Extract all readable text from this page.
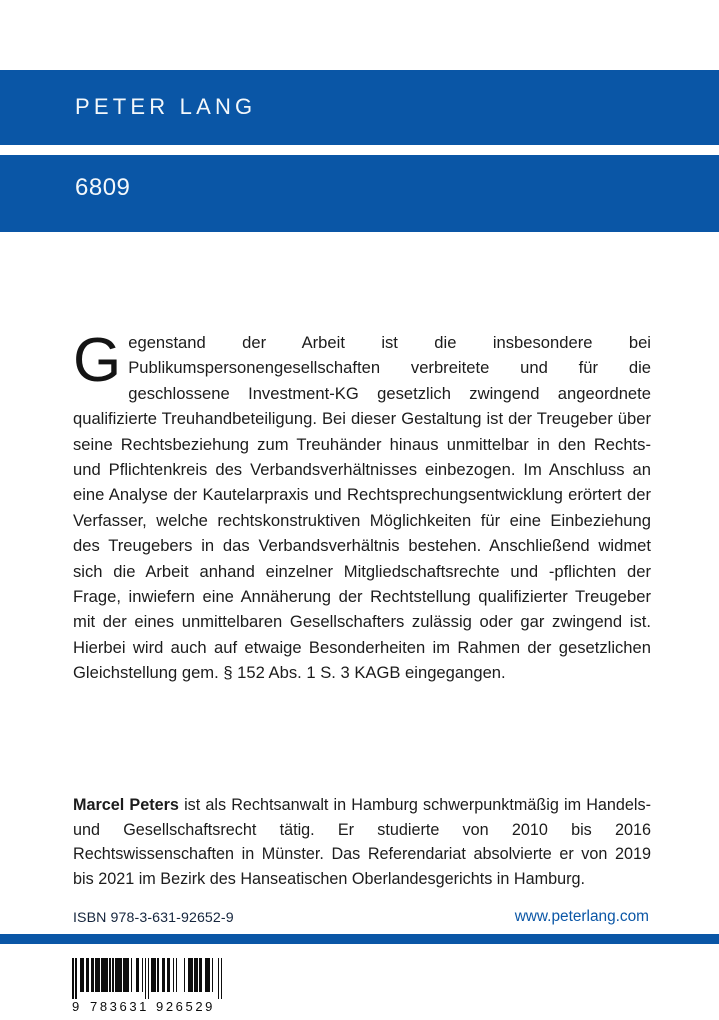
PETER LANG
6809
Gegenstand der Arbeit ist die insbesondere bei Publikumspersonengesellschaften verbreitete und für die geschlossene Investment-KG gesetzlich zwingend angeordnete qualifizierte Treuhandbeteiligung. Bei dieser Gestaltung ist der Treugeber über seine Rechtsbeziehung zum Treuhänder hinaus unmittelbar in den Rechts- und Pflichtenkreis des Verbandsverhältnisses einbezogen. Im Anschluss an eine Analyse der Kautelarpraxis und Rechtsprechungsentwicklung erörtert der Verfasser, welche rechtskonstruktiven Möglichkeiten für eine Einbeziehung des Treugebers in das Verbandsverhältnis bestehen. Anschließend widmet sich die Arbeit anhand einzelner Mitgliedschaftsrechte und -pflichten der Frage, inwiefern eine Annäherung der Rechtstellung qualifizierter Treugeber mit der eines unmittelbaren Gesellschafters zulässig oder gar zwingend ist. Hierbei wird auch auf etwaige Besonderheiten im Rahmen der gesetzlichen Gleichstellung gem. § 152 Abs. 1 S. 3 KAGB eingegangen.
Marcel Peters ist als Rechtsanwalt in Hamburg schwerpunktmäßig im Handels- und Gesellschaftsrecht tätig. Er studierte von 2010 bis 2016 Rechtswissenschaften in Münster. Das Referendariat absolvierte er von 2019 bis 2021 im Bezirk des Hanseatischen Oberlandesgerichts in Hamburg.
ISBN 978-3-631-92652-9	www.peterlang.com
9 783631 926529
